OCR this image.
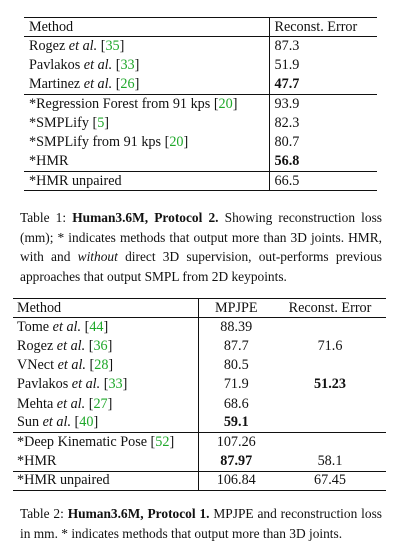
Method	Reconst. Error
Rogez et al. [35]	87.3
Pavlakos et al. [33]	51.9
Martinez et al. [26]	47.7
*Regression Forest from 91 kps [20]	93.9
*SMPLify [5]	82.3
*SMPLify from 91 kps [20]	80.7
*HMR	56.8
*HMR unpaired	66.5
Table 1: Human3.6M, Protocol 2. Showing reconstruction loss (mm); * indicates methods that output more than 3D joints. HMR, with and without direct 3D supervision, out-performs previous approaches that output SMPL from 2D keypoints.
Method	MPJPE	Reconst. Error
Tome et al. [44]	88.39	
Rogez et al. [36]	87.7	71.6
VNect et al. [28]	80.5	
Pavlakos et al. [33]	71.9	51.23
Mehta et al. [27]	68.6	
Sun et al. [40]	59.1	
*Deep Kinematic Pose [52]	107.26	
*HMR	87.97	58.1
*HMR unpaired	106.84	67.45
Table 2: Human3.6M, Protocol 1. MPJPE and reconstruction loss in mm. * indicates methods that output more than 3D joints.
